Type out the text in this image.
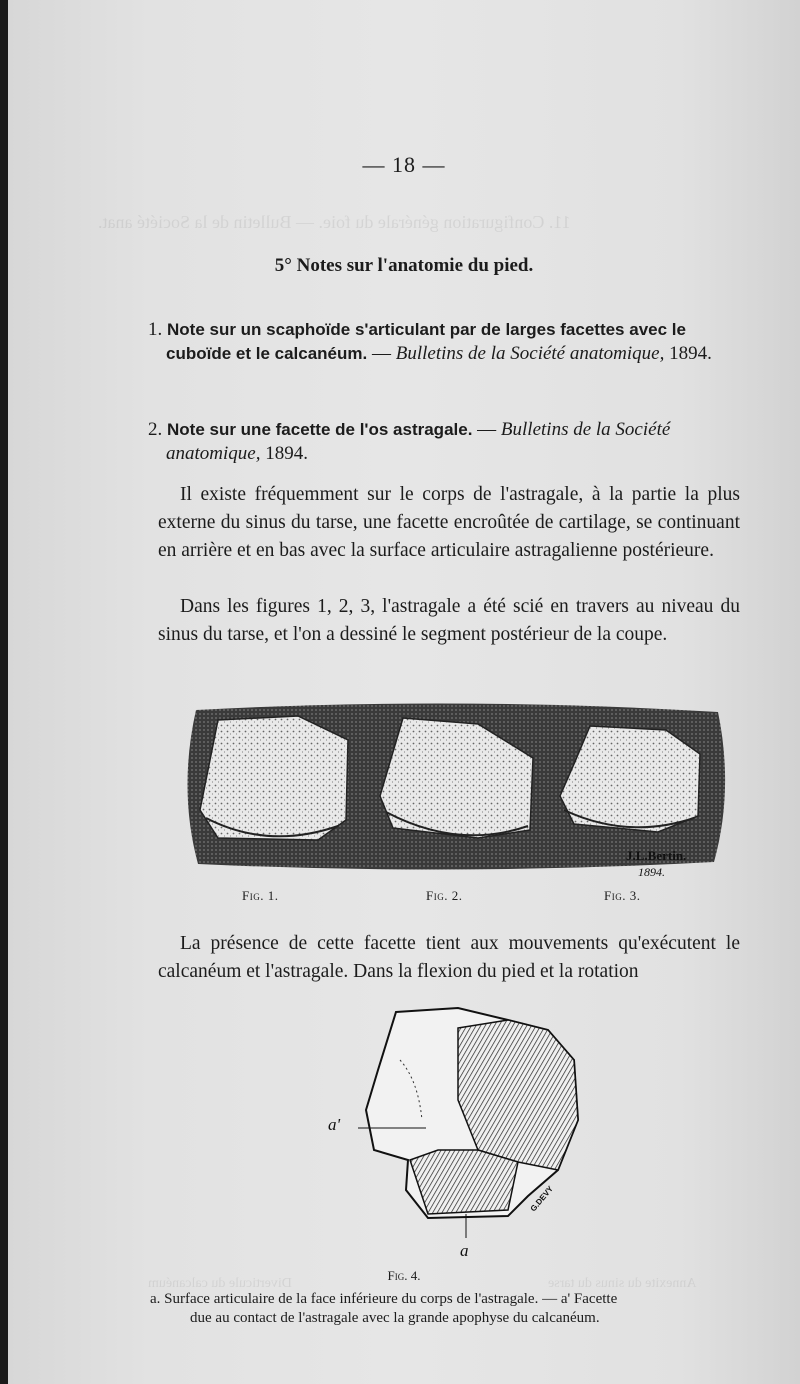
11. Configuration générale du foie. — Bulletin de la Société anat.
Annexite du sinus du tarse
Diverticule du calcanéum
— 18 —
5° Notes sur l'anatomie du pied.
1. Note sur un scaphoïde s'articulant par de larges facettes avec le cuboïde et le calcanéum. — Bulletins de la Société anatomique, 1894.
2. Note sur une facette de l'os astragale. — Bulletins de la Société anatomique, 1894.
Il existe fréquemment sur le corps de l'astragale, à la partie la plus externe du sinus du tarse, une facette encroûtée de cartilage, se continuant en arrière et en bas avec la surface articulaire astragalienne postérieure.
Dans les figures 1, 2, 3, l'astragale a été scié en travers au niveau du sinus du tarse, et l'on a dessiné le segment postérieur de la coupe.
J.L.Bertin.
1894.
Fig. 1.	Fig. 2.	Fig. 3.
La présence de cette facette tient aux mouvements qu'exécutent le calcanéum et l'astragale. Dans la flexion du pied et la rotation
a'
a
G.DEVY
Fig. 4.
a. Surface articulaire de la face inférieure du corps de l'astragale. — a' Facette
due au contact de l'astragale avec la grande apophyse du calcanéum.
